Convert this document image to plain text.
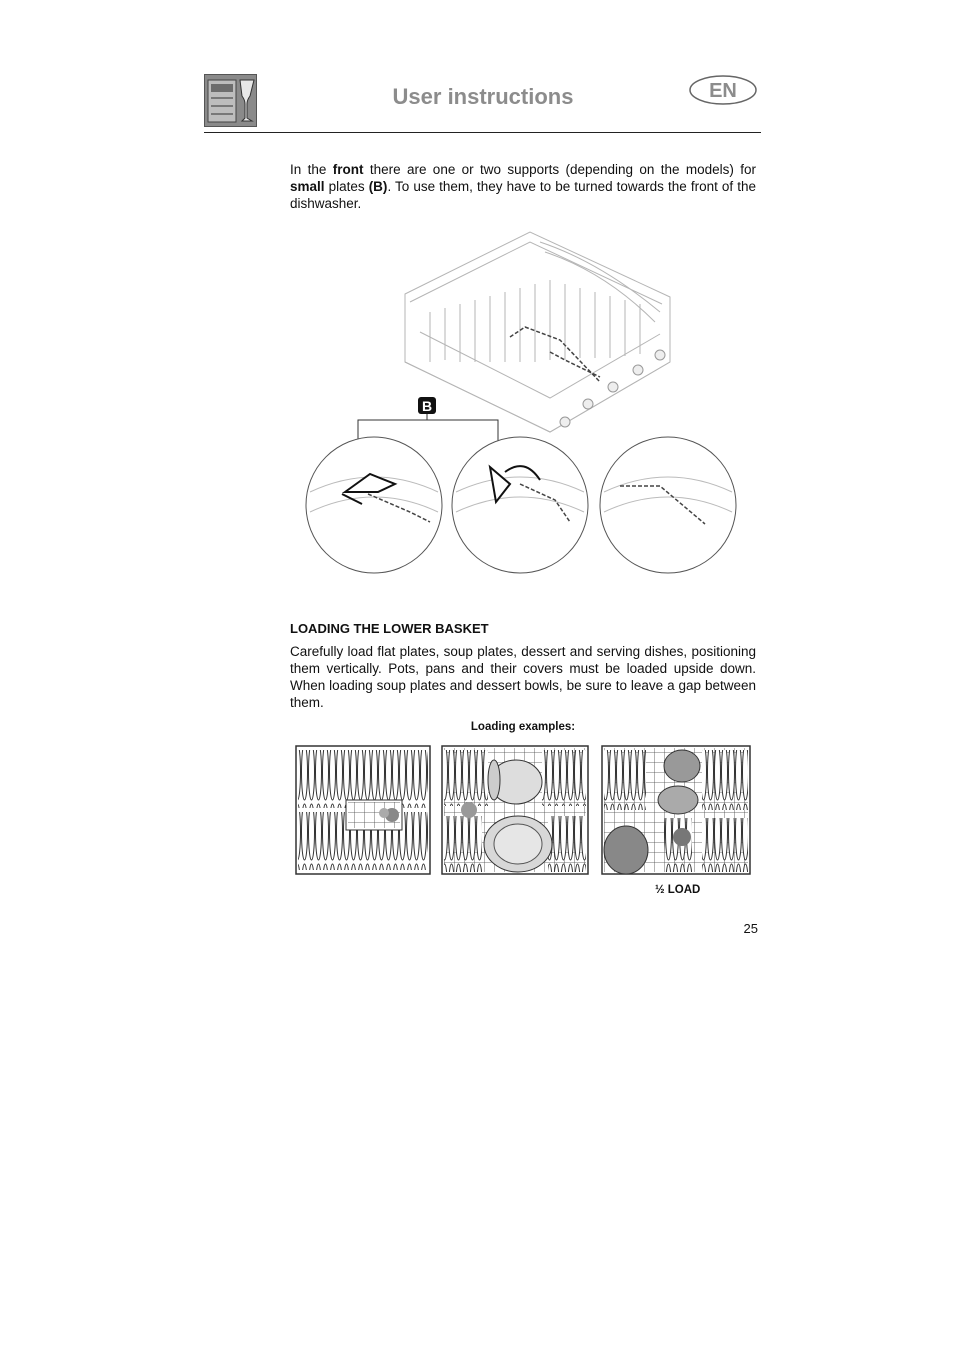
User instructions	EN
In the front there are one or two supports (depending on the models) for small plates (B). To use them, they have to be turned towards the front of the dishwasher.
B
LOADING THE LOWER BASKET
Carefully load flat plates, soup plates, dessert and serving dishes, positioning them vertically. Pots, pans and their covers must be loaded upside down. When loading soup plates and dessert bowls, be sure to leave a gap between them.
Loading examples:
½ LOAD
25
